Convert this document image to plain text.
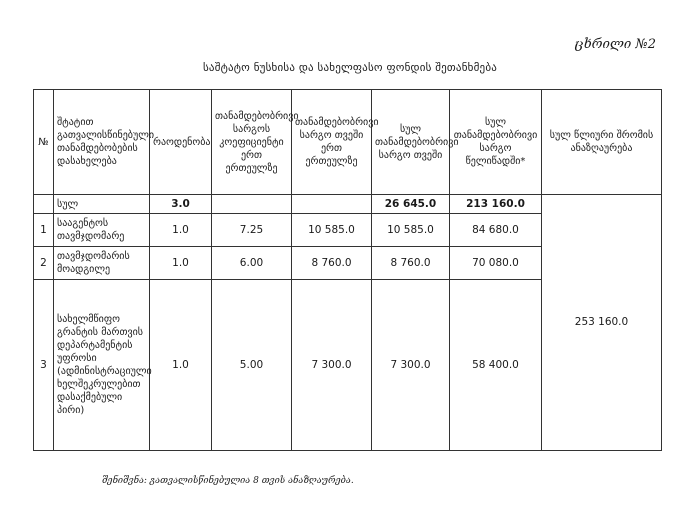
ცხრილი №2
საშტატო ნუსხისა და სახელფასო ფონდის შეთანხმება
№	შტატით გათვალისწინებული თანამდებობების დასახელება	რაოდენობა	თანამდებობრივი სარგოს კოეფიციენტი ერთ ერთეულზე	თანამდებობრივი სარგო თვეში ერთ ერთეულზე	სულ თანამდებობრივი სარგო თვეში	სულ თანამდებობრივი სარგო წელიწადში*	სულ წლიური შრომის ანაზღაურება
	სულ	3.0			26 645.0	213 160.0	253 160.0
1	სააგენტოს თავმჯდომარე	1.0	7.25	10 585.0	10 585.0	84 680.0	
2	თავმჯდომარის მოადგილე	1.0	6.00	8 760.0	8 760.0	70 080.0	
3	სახელმწიფო გრანტის მართვის დეპარტამენტის უფროსი (ადმინისტრაციული ხელშეკრულებით დასაქმებული პირი)	1.0	5.00	7 300.0	7 300.0	58 400.0	
შენიშვნა: გათვალისწინებულია 8 თვის ანაზღაურება.
